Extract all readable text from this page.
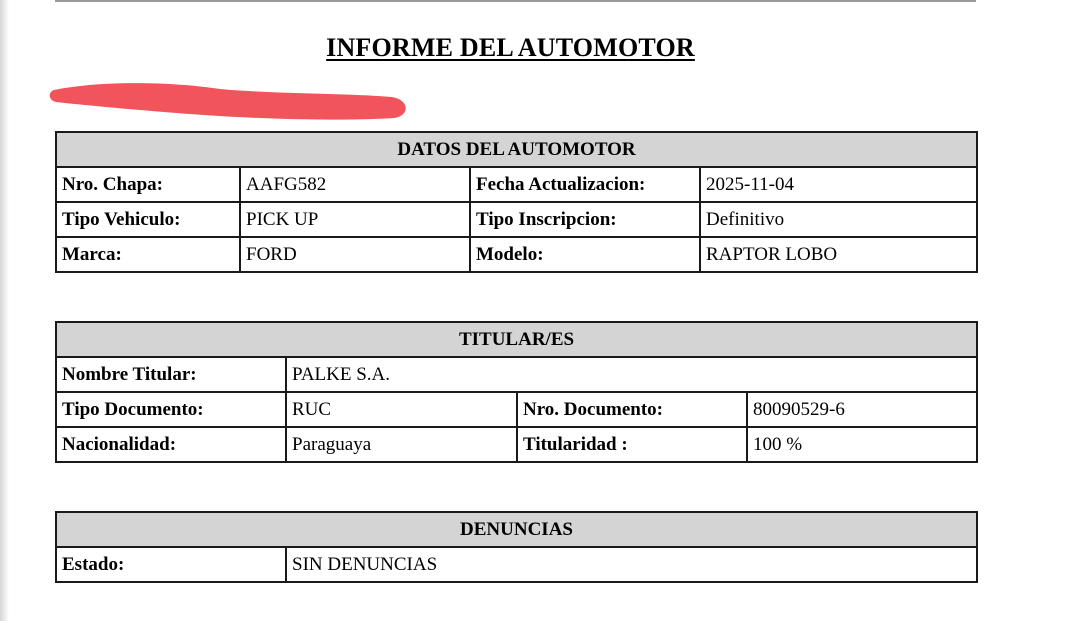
INFORME DEL AUTOMOTOR
DATOS DEL AUTOMOTOR			
Nro. Chapa:	AAFG582	Fecha Actualizacion:	2025-11-04
Tipo Vehiculo:	PICK UP	Tipo Inscripcion:	Definitivo
Marca:	FORD	Modelo:	RAPTOR LOBO
TITULAR/ES			
Nombre Titular:	PALKE S.A.		
Tipo Documento:	RUC	Nro. Documento:	80090529-6
Nacionalidad:	Paraguaya	Titularidad :	100 %
DENUNCIAS
Estado:	SIN DENUNCIAS
